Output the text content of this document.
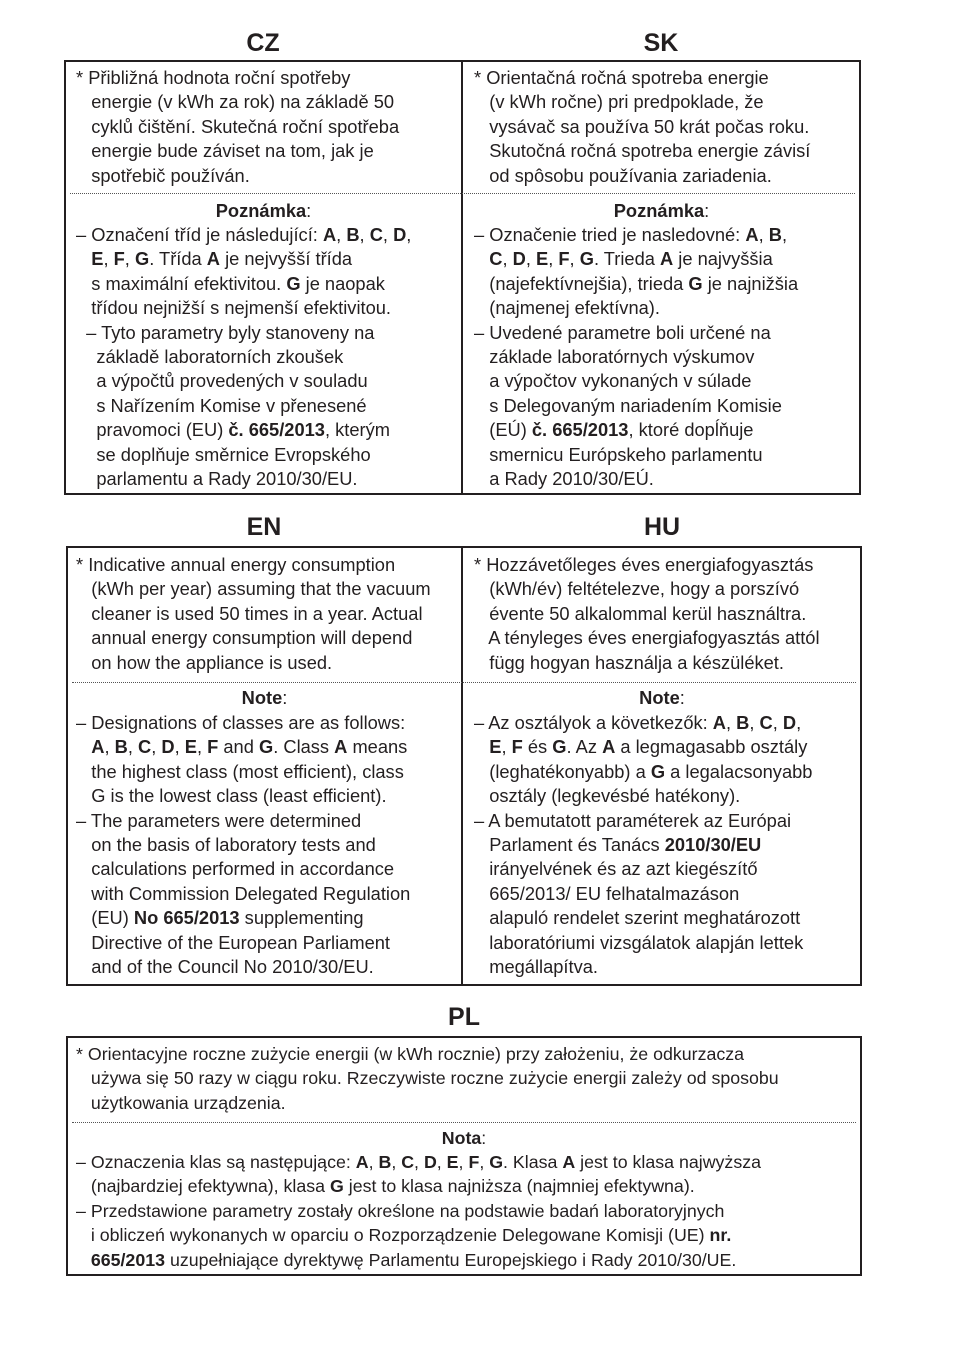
CZ	SK
* Přibližná hodnota roční spotřeby
energie (v kWh za rok) na základě 50
cyklů čištění. Skutečná roční spotřeba
energie bude záviset na tom, jak je
spotřebič používán.
Poznámka:
– Označení tříd je následující: A, B, C, D,
E, F, G. Třída A je nejvyšší třída
s maximální efektivitou. G je naopak
třídou nejnižší s nejmenší efektivitou.
– Tyto parametry byly stanoveny na
základě laboratorních zkoušek
a výpočtů provedených v souladu
s Nařízením Komise v přenesené
pravomoci (EU) č. 665/2013, kterým
se doplňuje směrnice Evropského
parlamentu a Rady 2010/30/EU.
* Orientačná ročná spotreba energie
(v kWh ročne) pri predpoklade, že
vysávač sa používa 50 krát počas roku.
Skutočná ročná spotreba energie závisí
od spôsobu používania zariadenia.
Poznámka:
– Označenie tried je nasledovné: A, B,
C, D, E, F, G. Trieda A je najvyššia
(najefektívnejšia), trieda G je najnižšia
(najmenej efektívna).
– Uvedené parametre boli určené na
základe laboratórnych výskumov
a výpočtov vykonaných v súlade
s Delegovaným nariadením Komisie
(EÚ) č. 665/2013, ktoré dopĺňuje
smernicu Európskeho parlamentu
a Rady 2010/30/EÚ.
EN	HU
* Indicative annual energy consumption
(kWh per year) assuming that the vacuum
cleaner is used 50 times in a year. Actual
annual energy consumption will depend
on how the appliance is used.
Note:
– Designations of classes are as follows:
A, B, C, D, E, F and G. Class A means
the highest class (most efficient), class
G is the lowest class (least efficient).
– The parameters were determined
on the basis of laboratory tests and
calculations performed in accordance
with Commission Delegated Regulation
(EU) No 665/2013 supplementing
Directive of the European Parliament
and of the Council No 2010/30/EU.
* Hozzávetőleges éves energiafogyasztás
(kWh/év) feltételezve, hogy a porszívó
évente 50 alkalommal kerül használtra.
A tényleges éves energiafogyasztás attól
függ hogyan használja a készüléket.
Note:
– Az osztályok a következők: A, B, C, D,
E, F és G. Az A a legmagasabb osztály
(leghatékonyabb) a G a legalacsonyabb
osztály (legkevésbé hatékony).
– A bemutatott paraméterek az Európai
Parlament és Tanács 2010/30/EU
irányelvének és az azt kiegészítő
665/2013/ EU felhatalmazáson
alapuló rendelet szerint meghatározott
laboratóriumi vizsgálatok alapján lettek
megállapítva.
PL
* Orientacyjne roczne zużycie energii (w kWh rocznie) przy założeniu, że odkurzacza
używa się 50 razy w ciągu roku. Rzeczywiste roczne zużycie energii zależy od sposobu
użytkowania urządzenia.
Nota:
– Oznaczenia klas są następujące: A, B, C, D, E, F, G. Klasa A jest to klasa najwyższa
(najbardziej efektywna), klasa G jest to klasa najniższa (najmniej efektywna).
– Przedstawione parametry zostały określone na podstawie badań laboratoryjnych
i obliczeń wykonanych w oparciu o Rozporządzenie Delegowane Komisji (UE) nr.
665/2013 uzupełniające dyrektywę Parlamentu Europejskiego i Rady 2010/30/UE.
